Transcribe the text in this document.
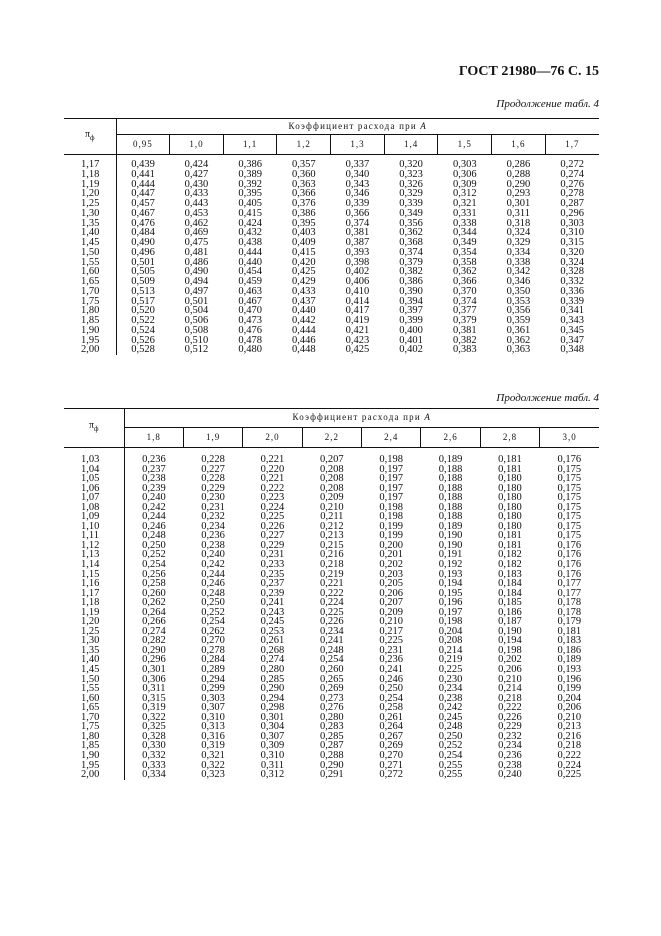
ГОСТ 21980—76 С. 15
Продолжение табл. 4
$\pi_ф$	Коэффициент расхода при A								
	0,95	1,0	1,1	1,2	1,3	1,4	1,5	1,6	1,7

1,17	0,439	0,424	0,386	0,357	0,337	0,320	0,303	0,286	0,272
1,18	0,441	0,427	0,389	0,360	0,340	0,323	0,306	0,288	0,274
1,19	0,444	0,430	0,392	0,363	0,343	0,326	0,309	0,290	0,276
1,20	0,447	0,433	0,395	0,366	0,346	0,329	0,312	0,293	0,278
1,25	0,457	0,443	0,405	0,376	0,339	0,339	0,321	0,301	0,287
1,30	0,467	0,453	0,415	0,386	0,366	0,349	0,331	0,311	0,296
1,35	0,476	0,462	0,424	0,395	0,374	0,356	0,338	0,318	0,303
1,40	0,484	0,469	0,432	0,403	0,381	0,362	0,344	0,324	0,310
1,45	0,490	0,475	0,438	0,409	0,387	0,368	0,349	0,329	0,315
1,50	0,496	0,481	0,444	0,415	0,393	0,374	0,354	0,334	0,320
1,55	0,501	0,486	0,440	0,420	0,398	0,379	0,358	0,338	0,324
1,60	0,505	0,490	0,454	0,425	0,402	0,382	0,362	0,342	0,328
1,65	0,509	0,494	0,459	0,429	0,406	0,386	0,366	0,346	0,332
1,70	0,513	0,497	0,463	0,433	0,410	0,390	0,370	0,350	0,336
1,75	0,517	0,501	0,467	0,437	0,414	0,394	0,374	0,353	0,339
1,80	0,520	0,504	0,470	0,440	0,417	0,397	0,377	0,356	0,341
1,85	0,522	0,506	0,473	0,442	0,419	0,399	0,379	0,359	0,343
1,90	0,524	0,508	0,476	0,444	0,421	0,400	0,381	0,361	0,345
1,95	0,526	0,510	0,478	0,446	0,423	0,401	0,382	0,362	0,347
2,00	0,528	0,512	0,480	0,448	0,425	0,402	0,383	0,363	0,348
Продолжение табл. 4
$\pi_ф$	Коэффициент расхода при A							
	1,8	1,9	2,0	2,2	2,4	2,6	2,8	3,0

1,03	0,236	0,228	0,221	0,207	0,198	0,189	0,181	0,176
1,04	0,237	0,227	0,220	0,208	0,197	0,188	0,181	0,175
1,05	0,238	0,228	0,221	0,208	0,197	0,188	0,180	0,175
1,06	0,239	0,229	0,222	0,208	0,197	0,188	0,180	0,175
1,07	0,240	0,230	0,223	0,209	0,197	0,188	0,180	0,175
1,08	0,242	0,231	0,224	0,210	0,198	0,188	0,180	0,175
1,09	0,244	0,232	0,225	0,211	0,198	0,188	0,180	0,175
1,10	0,246	0,234	0,226	0,212	0,199	0,189	0,180	0,175
1,11	0,248	0,236	0,227	0,213	0,199	0,190	0,181	0,175
1,12	0,250	0,238	0,229	0,215	0,200	0,190	0,181	0,176
1,13	0,252	0,240	0,231	0,216	0,201	0,191	0,182	0,176
1,14	0,254	0,242	0,233	0,218	0,202	0,192	0,182	0,176
1,15	0,256	0,244	0,235	0,219	0,203	0,193	0,183	0,176
1,16	0,258	0,246	0,237	0,221	0,205	0,194	0,184	0,177
1,17	0,260	0,248	0,239	0,222	0,206	0,195	0,184	0,177
1,18	0,262	0,250	0,241	0,224	0,207	0,196	0,185	0,178
1,19	0,264	0,252	0,243	0,225	0,209	0,197	0,186	0,178
1,20	0,266	0,254	0,245	0,226	0,210	0,198	0,187	0,179
1,25	0,274	0,262	0,253	0,234	0,217	0,204	0,190	0,181
1,30	0,282	0,270	0,261	0,241	0,225	0,208	0,194	0,183
1,35	0,290	0,278	0,268	0,248	0,231	0,214	0,198	0,186
1,40	0,296	0,284	0,274	0,254	0,236	0,219	0,202	0,189
1,45	0,301	0,289	0,280	0,260	0,241	0,225	0,206	0,193
1,50	0,306	0,294	0,285	0,265	0,246	0,230	0,210	0,196
1,55	0,311	0,299	0,290	0,269	0,250	0,234	0,214	0,199
1,60	0,315	0,303	0,294	0,273	0,254	0,238	0,218	0,204
1,65	0,319	0,307	0,298	0,276	0,258	0,242	0,222	0,206
1,70	0,322	0,310	0,301	0,280	0,261	0,245	0,226	0,210
1,75	0,325	0,313	0,304	0,283	0,264	0,248	0,229	0,213
1,80	0,328	0,316	0,307	0,285	0,267	0,250	0,232	0,216
1,85	0,330	0,319	0,309	0,287	0,269	0,252	0,234	0,218
1,90	0,332	0,321	0,310	0,288	0,270	0,254	0,236	0,222
1,95	0,333	0,322	0,311	0,290	0,271	0,255	0,238	0,224
2,00	0,334	0,323	0,312	0,291	0,272	0,255	0,240	0,225
